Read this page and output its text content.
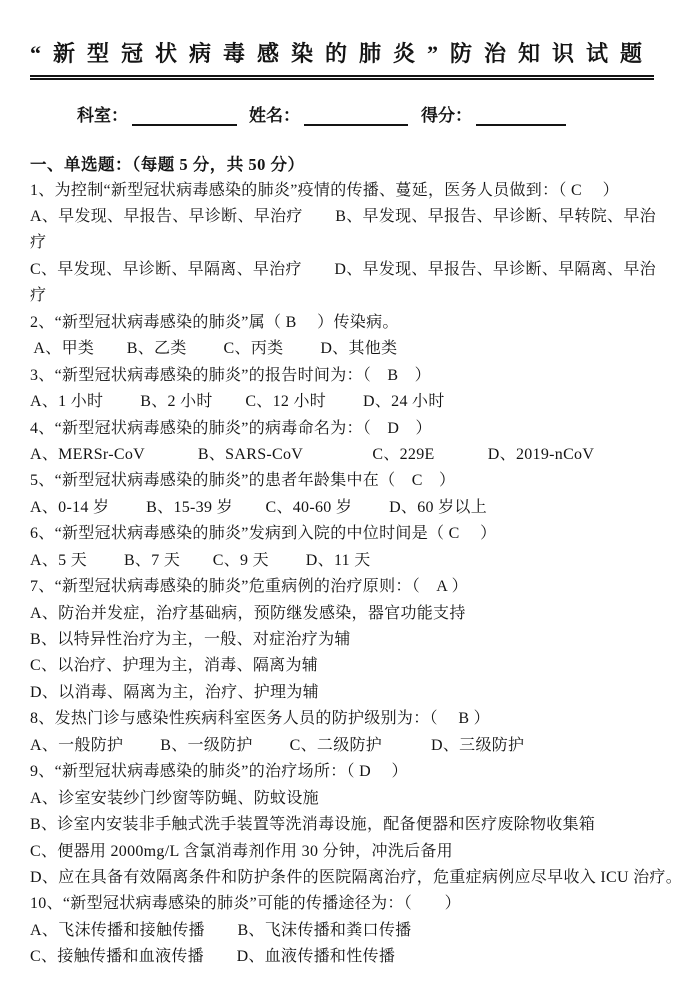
“新型冠状病毒感染的肺炎”防治知识试题
科室：	姓名：	得分：
一、单选题：（每题 5 分，共 50 分）
1、为控制“新型冠状病毒感染的肺炎”疫情的传播、蔓延，医务人员做到：（ C　 ）
A、早发现、早报告、早诊断、早治疗　　B、早发现、早报告、早诊断、早转院、早治
疗
C、早发现、早诊断、早隔离、早治疗　　D、早发现、早报告、早诊断、早隔离、早治
疗
2、“新型冠状病毒感染的肺炎”属（ B　 ）传染病。
A、甲类　　B、乙类　　 C、丙类　　 D、其他类
3、“新型冠状病毒感染的肺炎”的报告时间为：（　B　）
A、1 小时　　 B、2 小时　　C、12 小时　　 D、24 小时
4、“新型冠状病毒感染的肺炎”的病毒命名为：（　D　）
A、MERSr-CoV　　　 B、SARS-CoV　　　　 C、229E　　　 D、2019-nCoV
5、“新型冠状病毒感染的肺炎”的患者年龄集中在（　C　）
A、0-14 岁　　 B、15-39 岁　　C、40-60 岁　　 D、60 岁以上
6、“新型冠状病毒感染的肺炎”发病到入院的中位时间是（ C　 ）
A、5 天　　 B、7 天　　C、9 天　　 D、11 天
7、“新型冠状病毒感染的肺炎”危重病例的治疗原则：（　A ）
A、防治并发症，治疗基础病，预防继发感染，器官功能支持
B、以特异性治疗为主，一般、对症治疗为辅
C、以治疗、护理为主，消毒、隔离为辅
D、以消毒、隔离为主，治疗、护理为辅
8、发热门诊与感染性疾病科室医务人员的防护级别为：（　 B ）
A、一般防护　　 B、一级防护　　 C、二级防护　　　D、三级防护
9、“新型冠状病毒感染的肺炎”的治疗场所：（ D　 ）
A、诊室安装纱门纱窗等防蝇、防蚊设施
B、诊室内安装非手触式洗手装置等洗消毒设施，配备便器和医疗废除物收集箱
C、便器用 2000mg/L 含氯消毒剂作用 30 分钟，冲洗后备用
D、应在具备有效隔离条件和防护条件的医院隔离治疗，危重症病例应尽早收入 ICU 治疗。
10、“新型冠状病毒感染的肺炎”可能的传播途径为：（　　）
A、飞沫传播和接触传播　　B、飞沫传播和粪口传播
C、接触传播和血液传播　　D、血液传播和性传播
